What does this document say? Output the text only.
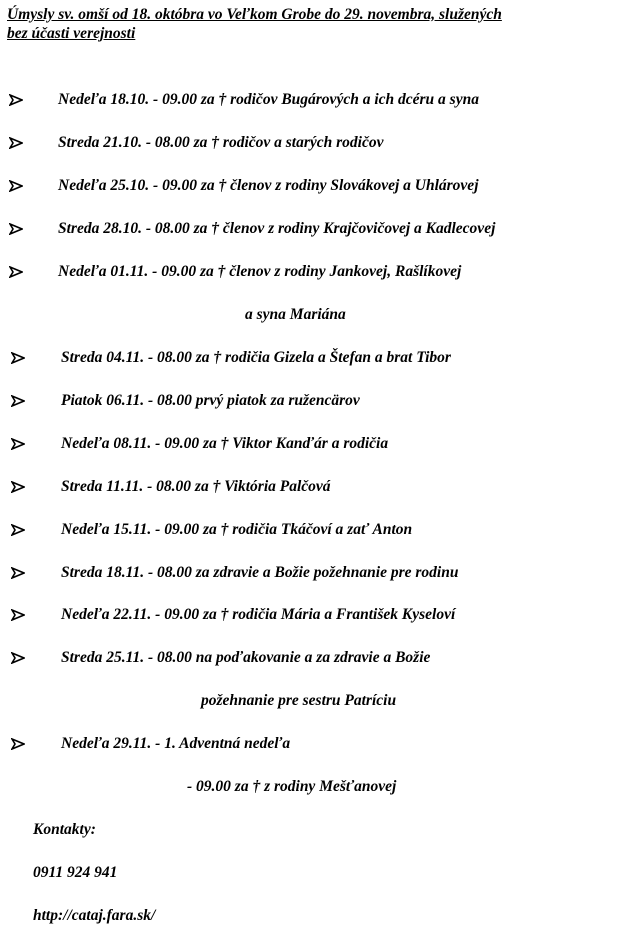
Úmysly sv. omší od 18. októbra vo Veľkom Grobe do 29. novembra, služených
bez účasti verejnosti
Nedeľa 18.10. - 09.00 za † rodičov Bugárových a ich dcéru a syna
Streda 21.10. - 08.00 za † rodičov a starých rodičov
Nedeľa 25.10. - 09.00 za † členov z rodiny Slovákovej a Uhlárovej
Streda 28.10. - 08.00 za † členov z rodiny Krajčovičovej a Kadlecovej
Nedeľa 01.11. - 09.00 za † členov z rodiny Jankovej, Rašlíkovej
a syna Mariána
Streda 04.11. - 08.00 za † rodičia Gizela a Štefan a brat Tibor
Piatok 06.11. - 08.00 prvý piatok za ružencärov
Nedeľa 08.11. - 09.00 za † Viktor Kanďár a rodičia
Streda 11.11. - 08.00 za † Viktória Palčová
Nedeľa 15.11. - 09.00 za † rodičia Tkáčoví a zať Anton
Streda 18.11. - 08.00 za zdravie a Božie požehnanie pre rodinu
Nedeľa 22.11. - 09.00 za † rodičia Mária a František Kyseloví
Streda 25.11. - 08.00 na poďakovanie a za zdravie a Božie
požehnanie pre sestru Patríciu
Nedeľa 29.11. - 1. Adventná nedeľa
- 09.00 za † z rodiny Mešťanovej
Kontakty:
0911 924 941
http://cataj.fara.sk/
